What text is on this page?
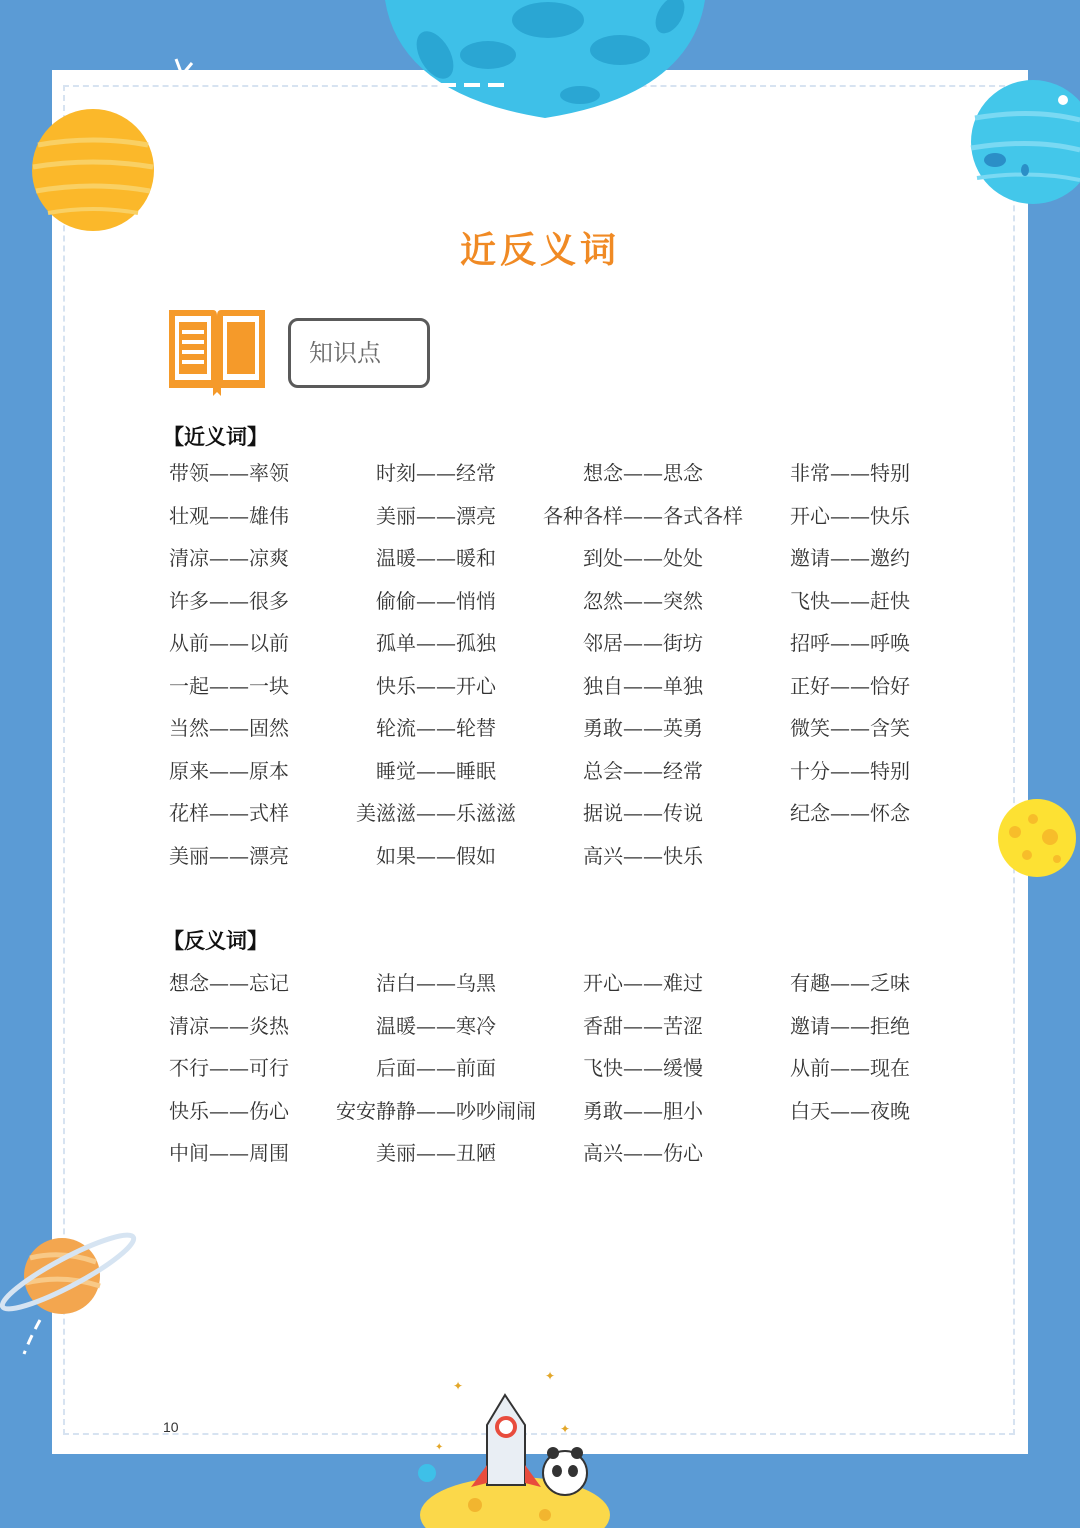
✦
✦
✦
✦
近反义词
知识点
【近义词】
带领——率领	时刻——经常	想念——思念	非常——特别
壮观——雄伟	美丽——漂亮 各种各样——各式各样 开心——快乐
清凉——凉爽	温暖——暖和	到处——处处	邀请——邀约
许多——很多	偷偷——悄悄	忽然——突然	飞快——赶快
从前——以前	孤单——孤独	邻居——街坊	招呼——呼唤
一起——一块	快乐——开心	独自——单独	正好——恰好
当然——固然	轮流——轮替	勇敢——英勇	微笑——含笑
原来——原本	睡觉——睡眠	总会——经常	十分——特别
花样——式样	美滋滋——乐滋滋	据说——传说	纪念——怀念
美丽——漂亮	如果——假如	高兴——快乐
【反义词】
想念——忘记	洁白——乌黑	开心——难过	有趣——乏味
清凉——炎热	温暖——寒冷	香甜——苦涩	邀请——拒绝
不行——可行	后面——前面	飞快——缓慢	从前——现在
快乐——伤心 安安静静——吵吵闹闹 勇敢——胆小	白天——夜晚
中间——周围	美丽——丑陋	高兴——伤心
10
